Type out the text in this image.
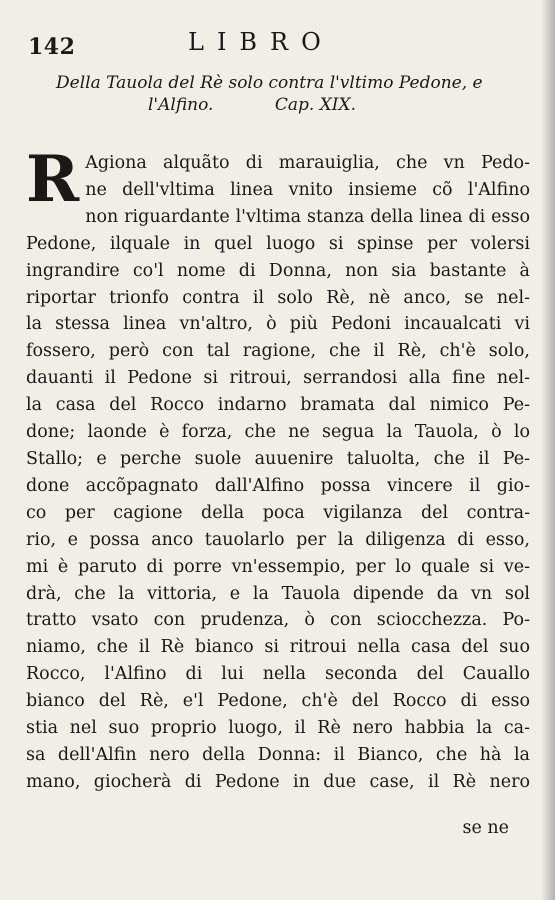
142	LIBRO
Della Tauola del Rè solo contra l'vltimo Pedone, e
l'Alfino.	Cap. XIX.
R Agiona alquãto di marauiglia, che vn Pedo-
ne dell'vltima linea vnito insieme cõ l'Alfino
non riguardante l'vltima stanza della linea di esso
Pedone, ilquale in quel luogo si spinse per volersi
ingrandire co'l nome di Donna, non sia bastante à
riportar trionfo contra il solo Rè, nè anco, se nel-
la stessa linea vn'altro, ò più Pedoni incaualcati vi
fossero, però con tal ragione, che il Rè, ch'è solo,
dauanti il Pedone si ritroui, serrandosi alla fine nel-
la casa del Rocco indarno bramata dal nimico Pe-
done; laonde è forza, che ne segua la Tauola, ò lo
Stallo; e perche suole auuenire taluolta, che il Pe-
done accõpagnato dall'Alfino possa vincere il gio-
co per cagione della poca vigilanza del contra-
rio, e possa anco tauolarlo per la diligenza di esso,
mi è paruto di porre vn'essempio, per lo quale si ve-
drà, che la vittoria, e la Tauola dipende da vn sol
tratto vsato con prudenza, ò con sciocchezza. Po-
niamo, che il Rè bianco si ritroui nella casa del suo
Rocco, l'Alfino di lui nella seconda del Cauallo
bianco del Rè, e'l Pedone, ch'è del Rocco di esso
stia nel suo proprio luogo, il Rè nero habbia la ca-
sa dell'Alfin nero della Donna: il Bianco, che hà la
mano, giocherà di Pedone in due case, il Rè nero
se ne
